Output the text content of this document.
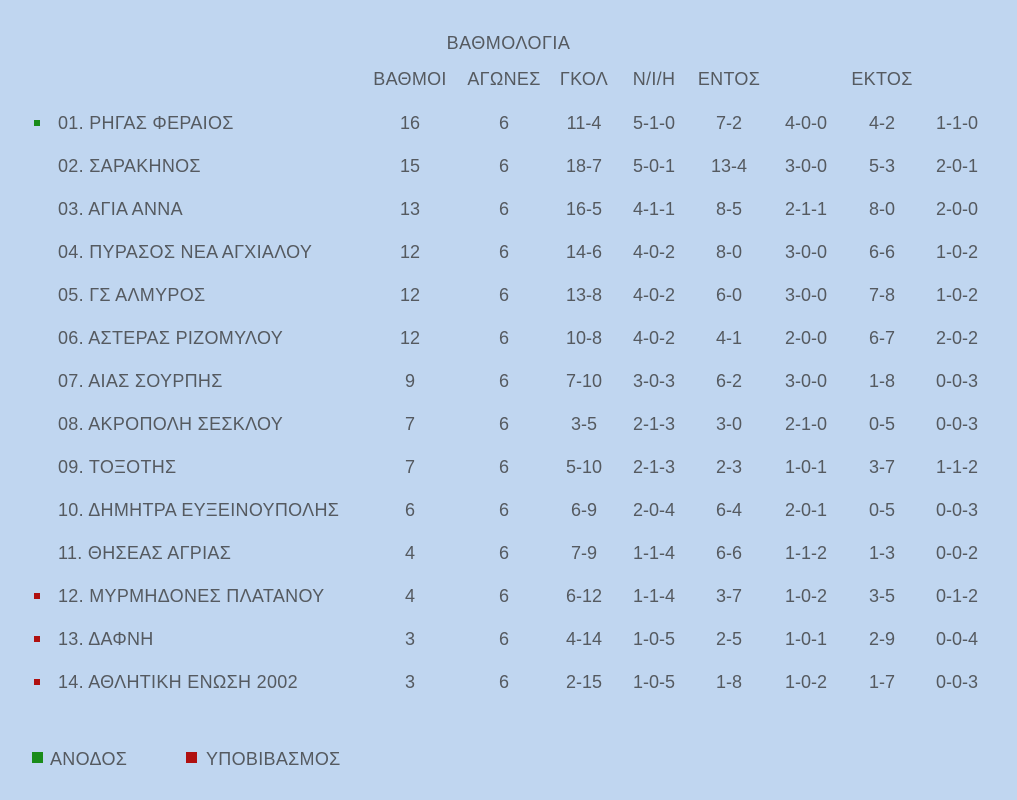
ΒΑΘΜΟΛΟΓΙΑ
ΒΑΘΜΟΙ ΑΓΩΝΕΣ ΓΚΟΛ Ν/Ι/Η ΕΝΤΟΣ	ΕΚΤΟΣ
01. ΡΗΓΑΣ ΦΕΡΑΙΟΣ	16	6	11-4 5-1-0 7-2 4-0-0 4-2 1-1-0
02. ΣΑΡΑΚΗΝΟΣ	15	6	18-7 5-0-1 13-4 3-0-0 5-3 2-0-1
03. ΑΓΙΑ ΑΝΝΑ	13	6	16-5 4-1-1 8-5 2-1-1 8-0 2-0-0
04. ΠΥΡΑΣΟΣ ΝΕΑ ΑΓΧΙΑΛΟΥ	12	6	14-6 4-0-2 8-0 3-0-0 6-6 1-0-2
05. ΓΣ ΑΛΜΥΡΟΣ	12	6	13-8 4-0-2 6-0 3-0-0 7-8 1-0-2
06. ΑΣΤΕΡΑΣ ΡΙΖΟΜΥΛΟΥ	12	6	10-8 4-0-2 4-1 2-0-0 6-7 2-0-2
07. ΑΙΑΣ ΣΟΥΡΠΗΣ	9	6	7-10 3-0-3 6-2 3-0-0 1-8 0-0-3
08. ΑΚΡΟΠΟΛΗ ΣΕΣΚΛΟΥ	7	6	3-5 2-1-3 3-0 2-1-0 0-5 0-0-3
09. ΤΟΞΟΤΗΣ	7	6	5-10 2-1-3 2-3 1-0-1 3-7 1-1-2
10. ΔΗΜΗΤΡΑ ΕΥΞΕΙΝΟΥΠΟΛΗΣ	6	6	6-9 2-0-4 6-4 2-0-1 0-5 0-0-3
11. ΘΗΣΕΑΣ ΑΓΡΙΑΣ	4	6	7-9 1-1-4 6-6 1-1-2 1-3 0-0-2
12. ΜΥΡΜΗΔΟΝΕΣ ΠΛΑΤΑΝΟΥ	4	6	6-12 1-1-4 3-7 1-0-2 3-5 0-1-2
13. ΔΑΦΝΗ	3	6	4-14 1-0-5 2-5 1-0-1 2-9 0-0-4
14. ΑΘΛΗΤΙΚΗ ΕΝΩΣΗ 2002	3	6	2-15 1-0-5 1-8 1-0-2 1-7 0-0-3
ΑΝΟΔΟΣ	ΥΠΟΒΙΒΑΣΜΟΣ
